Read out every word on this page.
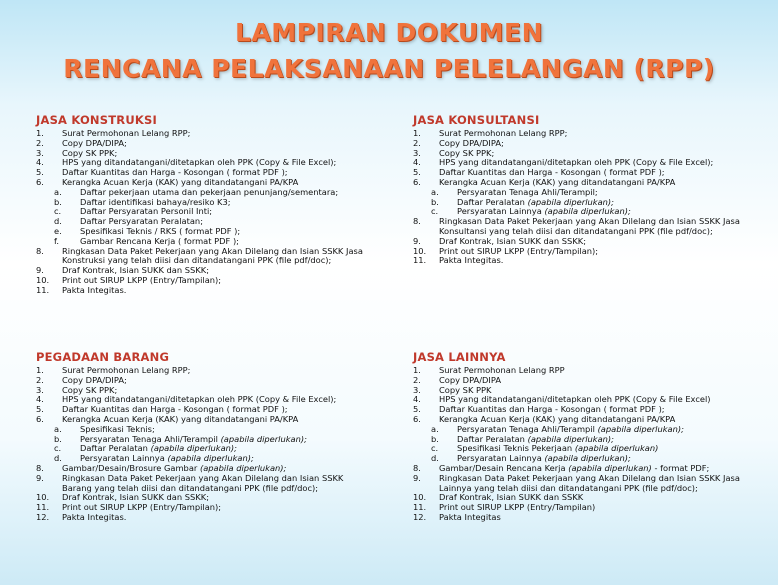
LAMPIRAN DOKUMEN
RENCANA PELAKSANAAN PELELANGAN (RPP)
JASA KONSTRUKSI
1. Surat Permohonan Lelang RPP;
2. Copy DPA/DIPA;
3. Copy SK PPK;
4. HPS yang ditandatangani/ditetapkan oleh PPK (Copy & File Excel);
5. Daftar Kuantitas dan Harga - Kosongan ( format PDF );
6. Kerangka Acuan Kerja (KAK) yang ditandatangani PA/KPA
a. Daftar pekerjaan utama dan pekerjaan penunjang/sementara;
b. Daftar identifikasi bahaya/resiko K3;
c. Daftar Persyaratan Personil Inti;
d. Daftar Persyaratan Peralatan;
e. Spesifikasi Teknis / RKS ( format PDF );
f.	Gambar Rencana Kerja ( format PDF );
8. Ringkasan Data Paket Pekerjaan yang Akan Dilelang dan Isian SSKK Jasa
Konstruksi yang telah diisi dan ditandatangani PPK (file pdf/doc);
9. Draf Kontrak, Isian SUKK dan SSKK;
10. Print out SIRUP LKPP (Entry/Tampilan);
11. Pakta Integitas.
JASA KONSULTANSI
1. Surat Permohonan Lelang RPP;
2. Copy DPA/DIPA;
3. Copy SK PPK;
4. HPS yang ditandatangani/ditetapkan oleh PPK (Copy & File Excel);
5. Daftar Kuantitas dan Harga - Kosongan ( format PDF );
6. Kerangka Acuan Kerja (KAK) yang ditandatangani PA/KPA
a. Persyaratan Tenaga Ahli/Terampil;
b. Daftar Peralatan (apabila diperlukan);
c. Persyaratan Lainnya (apabila diperlukan);
8. Ringkasan Data Paket Pekerjaan yang Akan Dilelang dan Isian SSKK Jasa
Konsultansi yang telah diisi dan ditandatangani PPK (file pdf/doc);
9. Draf Kontrak, Isian SUKK dan SSKK;
10. Print out SIRUP LKPP (Entry/Tampilan);
11. Pakta Integitas.
PEGADAAN BARANG
1. Surat Permohonan Lelang RPP;
2. Copy DPA/DIPA;
3. Copy SK PPK;
4. HPS yang ditandatangani/ditetapkan oleh PPK (Copy & File Excel);
5. Daftar Kuantitas dan Harga - Kosongan ( format PDF );
6. Kerangka Acuan Kerja (KAK) yang ditandatangani PA/KPA
a. Spesifikasi Teknis;
b. Persyaratan Tenaga Ahli/Terampil (apabila diperlukan);
c. Daftar Peralatan (apabila diperlukan);
d. Persyaratan Lainnya (apabila diperlukan);
8. Gambar/Desain/Brosure Gambar (apabila diperlukan);
9. Ringkasan Data Paket Pekerjaan yang Akan Dilelang dan Isian SSKK
Barang yang telah diisi dan ditandatangani PPK (file pdf/doc);
10. Draf Kontrak, Isian SUKK dan SSKK;
11. Print out SIRUP LKPP (Entry/Tampilan);
12. Pakta Integitas.
JASA LAINNYA
1. Surat Permohonan Lelang RPP
2. Copy DPA/DIPA
3. Copy SK PPK
4. HPS yang ditandatangani/ditetapkan oleh PPK (Copy & File Excel)
5. Daftar Kuantitas dan Harga - Kosongan ( format PDF );
6. Kerangka Acuan Kerja (KAK) yang ditandatangani PA/KPA
a. Persyaratan Tenaga Ahli/Terampil (apabila diperlukan);
b. Daftar Peralatan (apabila diperlukan);
c. Spesifikasi Teknis Pekerjaan (apabila diperlukan)
d. Persyaratan Lainnya (apabila diperlukan);
8. Gambar/Desain Rencana Kerja (apabila diperlukan) - format PDF;
9. Ringkasan Data Paket Pekerjaan yang Akan Dilelang dan Isian SSKK Jasa
Lainnya yang telah diisi dan ditandatangani PPK (file pdf/doc);
10. Draf Kontrak, Isian SUKK dan SSKK
11. Print out SIRUP LKPP (Entry/Tampilan)
12. Pakta Integitas
